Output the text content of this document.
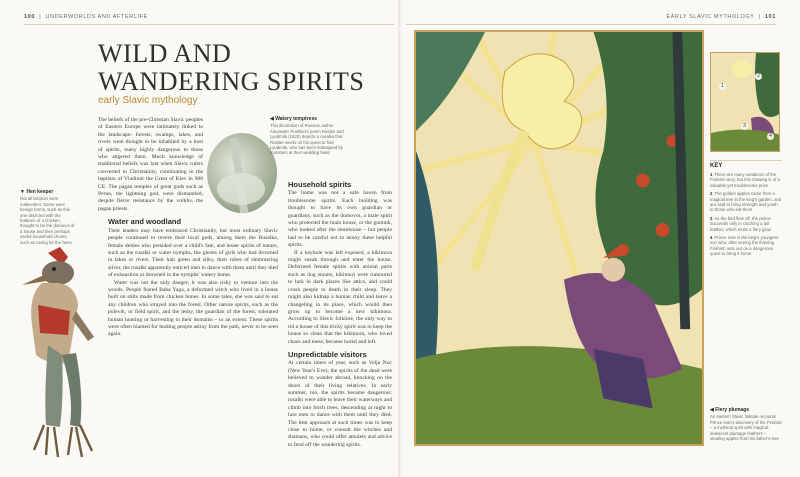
100  |  UNDERWORLDS AND AFTERLIFE	EARLY SLAVIC MYTHOLOGY  |  101
WILD AND
WANDERING SPIRITS
early Slavic mythology

The beliefs of the pre-Christian Slavic peoples of Eastern Europe were intimately linked to the landscape: forests, swamps, lakes, and rivers were thought to be inhabited by a host of spirits, many highly dangerous to those who angered them. Much knowledge of traditional beliefs was lost when Slavic rulers converted to Christianity, culminating in the baptism of Vladimir the Great of Kiev in 988 CE. The pagan temples of great gods such as Perun, the lightning god, were dismantled, despite fierce resistance by the volkhv, the pagan priests.

Water and woodland

Their leaders may have embraced Christianity, but most ordinary Slavic people continued to revere their local gods, among them the Rusalka, female deities who presided over a child's fate, and lesser spirits of nature, such as the rusalki or water nymphs, the ghosts of girls who had drowned in lakes or rivers. Their hair green and silky, their robes of shimmering silver, the rusalki apparently enticed men to dance with them until they died of exhaustion or drowned in the nymphs' watery home.

Water was not the only danger; it was also risky to venture into the woods. People feared Baba Yaga, a deformed witch who lived in a house built on stilts made from chicken bones. In some tales, she was said to eat any children who strayed into the forest. Other nature spirits, such as the polevik, or field spirit, and the leshy, the guardian of the forest, tolerated human hunting or harvesting in their domains – to an extent. These spirits were often blamed for leading people astray from the path, never to be seen again.

◀ Watery temptress
This illustration of Russian author Alexander Pushkin's poem Ruslan and Lyudmila (1820) depicts a rusalka that Ruslan meets on his quest to find Lyudmila, who has been kidnapped by monsters at their wedding feast
Household spirits

The home was not a safe haven from troublesome spirits. Each building was thought to have its own guardian or guardians, such as the domovoi, a male spirit who protected the main house, or the gumnik, who looked after the storehouse – but people had to be careful not to annoy these helpful spirits.

If a keyhole was left exposed, a kikimora might sneak through and enter the house. Deformed female spirits with animal parts such as dog snouts, kikimori were rumoured to lurk in dark places like attics, and could crush people to death in their sleep. They might also kidnap a human child and leave a changeling in its place, which would then grow up to become a new kikimora. According to Slavic folklore, the only way to rid a house of this tricky spirit was to keep the house so clean that the kikimora, who loved chaos and mess, became bored and left.

Unpredictable visitors

At certain times of year, such as Velja Noc (New Year's Eve), the spirits of the dead were believed to wander abroad, knocking on the doors of their living relatives. In early summer, too, the spirits became dangerous: rusalki were able to leave their waterways and climb into birch trees, descending at night to lure men to dance with them until they died. The best approach at such times was to keep close to home, or consult the witches and shamans, who could offer amulets and advice to fend off the wandering spirits.

▼ Hen keeper
Not all kikimori were malevolent. Some were benign forms, such as this one depicted with the features of a chicken, thought to be the domovoi of a house and then perhaps useful household chores, such as caring for the hens
1
2
3
4
KEY
1 There are many variations of the Firebird story, but this drawing is of a valuable yet troublesome prize
2 The golden apples came from a magical tree in the king's garden, and are said to bring strength and youth to those who eat them
3 As the bird flew off, the prince succeeds only in catching a tail feather, which emits a fiery glow
4 Prince Ivan is the king's youngest son who, after seeing the thieving Firebird, sets out on a dangerous quest to bring it home
◀ Fiery plumage
An eastern Slavic folktale recounts Prince Ivan's discovery of the Firebird – a mythical spirit with magical, iridescent plumage feathers – stealing apples from his father's tree
